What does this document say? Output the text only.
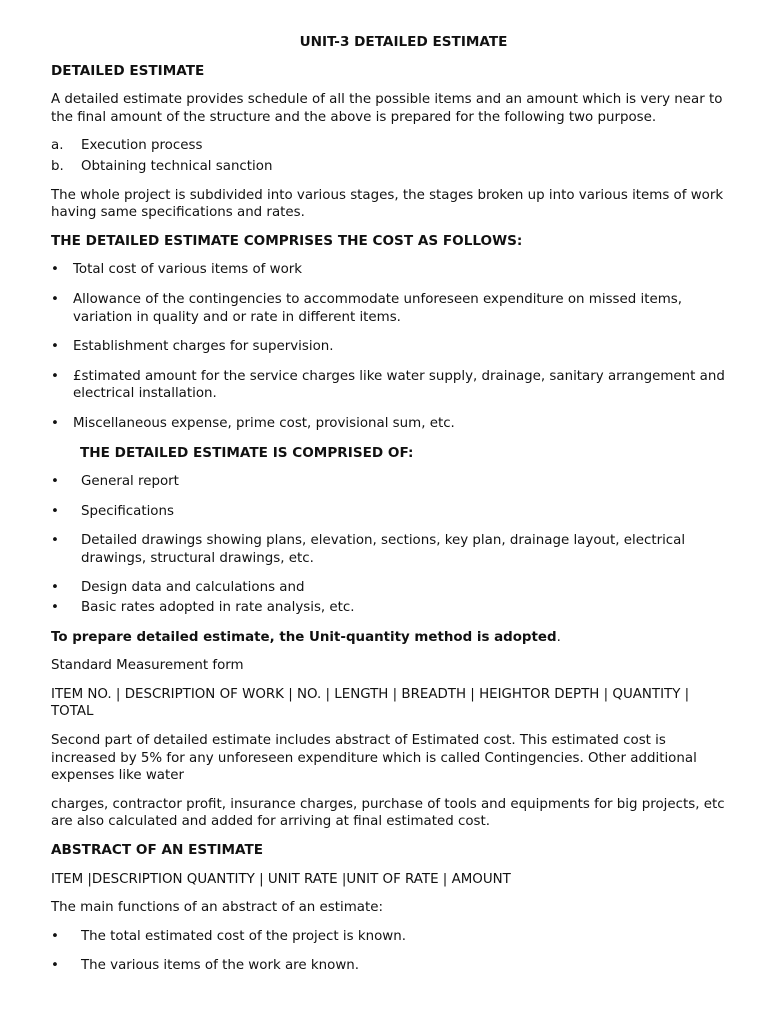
UNIT-3 DETAILED ESTIMATE
DETAILED ESTIMATE
A detailed estimate provides schedule of all the possible items and an amount which is very near to the final amount of the structure and the above is prepared for the following two purpose.
a.	Execution process
b.	Obtaining technical sanction
The whole project is subdivided into various stages, the stages broken up into various items of work having same specifications and rates.
THE DETAILED ESTIMATE COMPRISES THE COST AS FOLLOWS:
•	Total cost of various items of work
•	Allowance of the contingencies to accommodate unforeseen expenditure on missed items, variation in quality and or rate in different items.
•	Establishment charges for supervision.
•	£stimated amount for the service charges like water supply, drainage, sanitary arrangement and electrical installation.
•	Miscellaneous expense, prime cost, provisional sum, etc.
THE DETAILED ESTIMATE IS COMPRISED OF:
•	General report
•	Specifications
•	Detailed drawings showing plans, elevation, sections, key plan, drainage layout, electrical drawings, structural drawings, etc.
•	Design data and calculations and
•	Basic rates adopted in rate analysis, etc.
To prepare detailed estimate, the Unit-quantity method is adopted.
Standard Measurement form
ITEM NO. | DESCRIPTION OF WORK | NO. | LENGTH | BREADTH | HEIGHTOR DEPTH | QUANTITY | TOTAL
Second part of detailed estimate includes abstract of Estimated cost. This estimated cost is increased by 5% for any unforeseen expenditure which is called Contingencies. Other additional expenses like water
charges, contractor profit, insurance charges, purchase of tools and equipments for big projects, etc are also calculated and added for arriving at final estimated cost.
ABSTRACT OF AN ESTIMATE
ITEM |DESCRIPTION QUANTITY | UNIT RATE |UNIT OF RATE | AMOUNT
The main functions of an abstract of an estimate:
•	The total estimated cost of the project is known.
•	The various items of the work are known.
